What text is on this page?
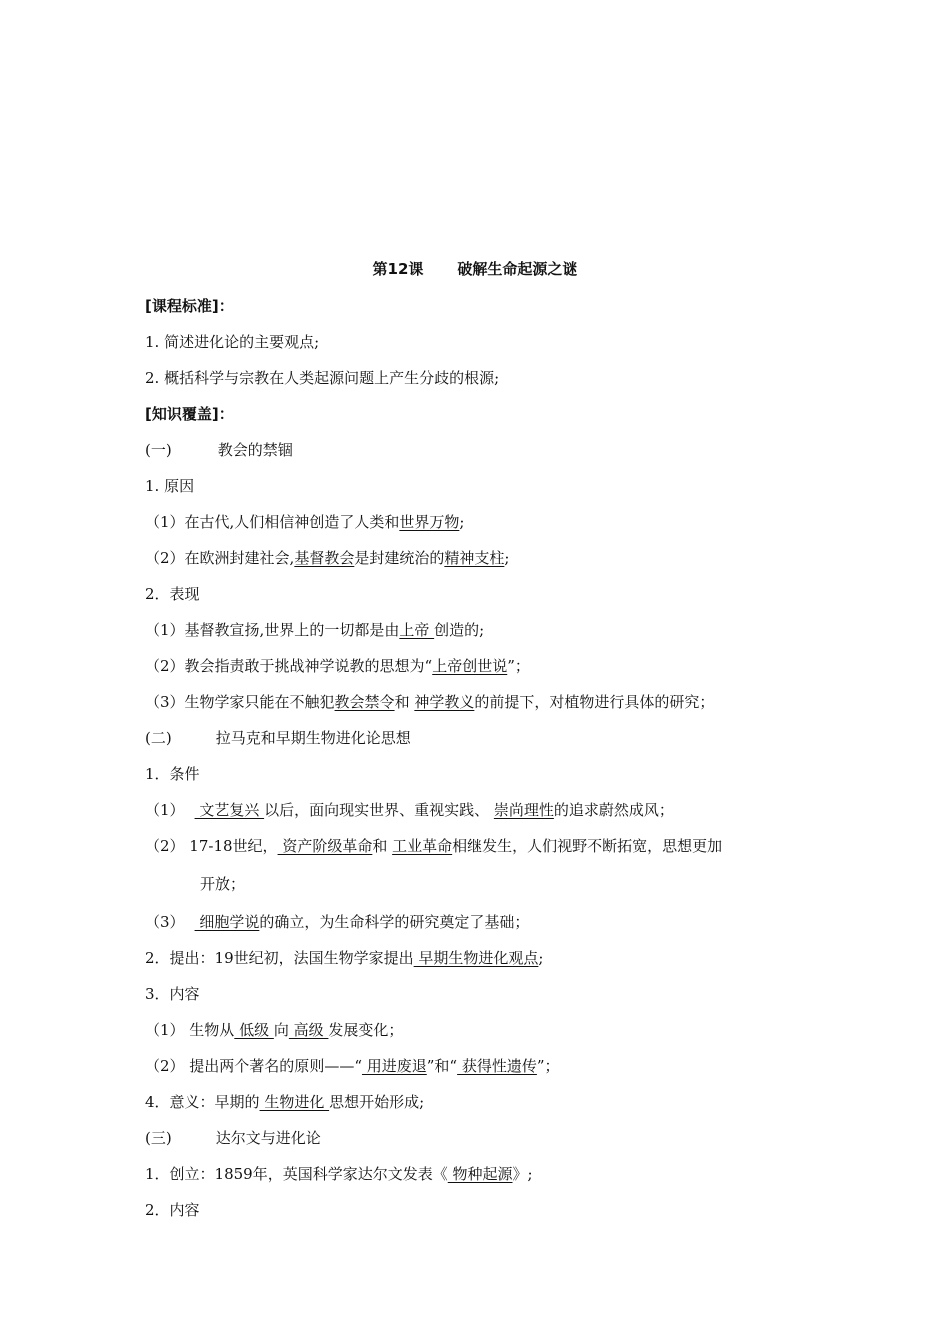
第12课 破解生命起源之谜
[课程标准]：
1. 简述进化论的主要观点;
2. 概括科学与宗教在人类起源问题上产生分歧的根源;
[知识覆盖]：
(一)	教会的禁锢
1. 原因
（1）在古代,人们相信神创造了人类和世界万物;
（2）在欧洲封建社会,基督教会是封建统治的精神支柱;
2．表现
（1）基督教宣扬,世界上的一切都是由上帝 创造的;
（2）教会指责敢于挑战神学说教的思想为“上帝创世说”；
（3）生物学家只能在不触犯教会禁令和 神学教义的前提下，对植物进行具体的研究；
(二)	拉马克和早期生物进化论思想
1．条件
（1） 文艺复兴 以后，面向现实世界、重视实践、 崇尚理性的追求蔚然成风；
（2） 17-18世纪， 资产阶级革命和 工业革命相继发生，人们视野不断拓宽，思想更加
开放；
（3） 细胞学说的确立，为生命科学的研究奠定了基础；
2．提出：19世纪初，法国生物学家提出 早期生物进化观点;
3．内容
（1） 生物从 低级 向 高级 发展变化；
（2） 提出两个著名的原则——“ 用进废退”和“ 获得性遗传”；
4．意义：早期的 生物进化 思想开始形成;
(三)	达尔文与进化论
1．创立：1859年，英国科学家达尔文发表《 物种起源》;
2．内容
